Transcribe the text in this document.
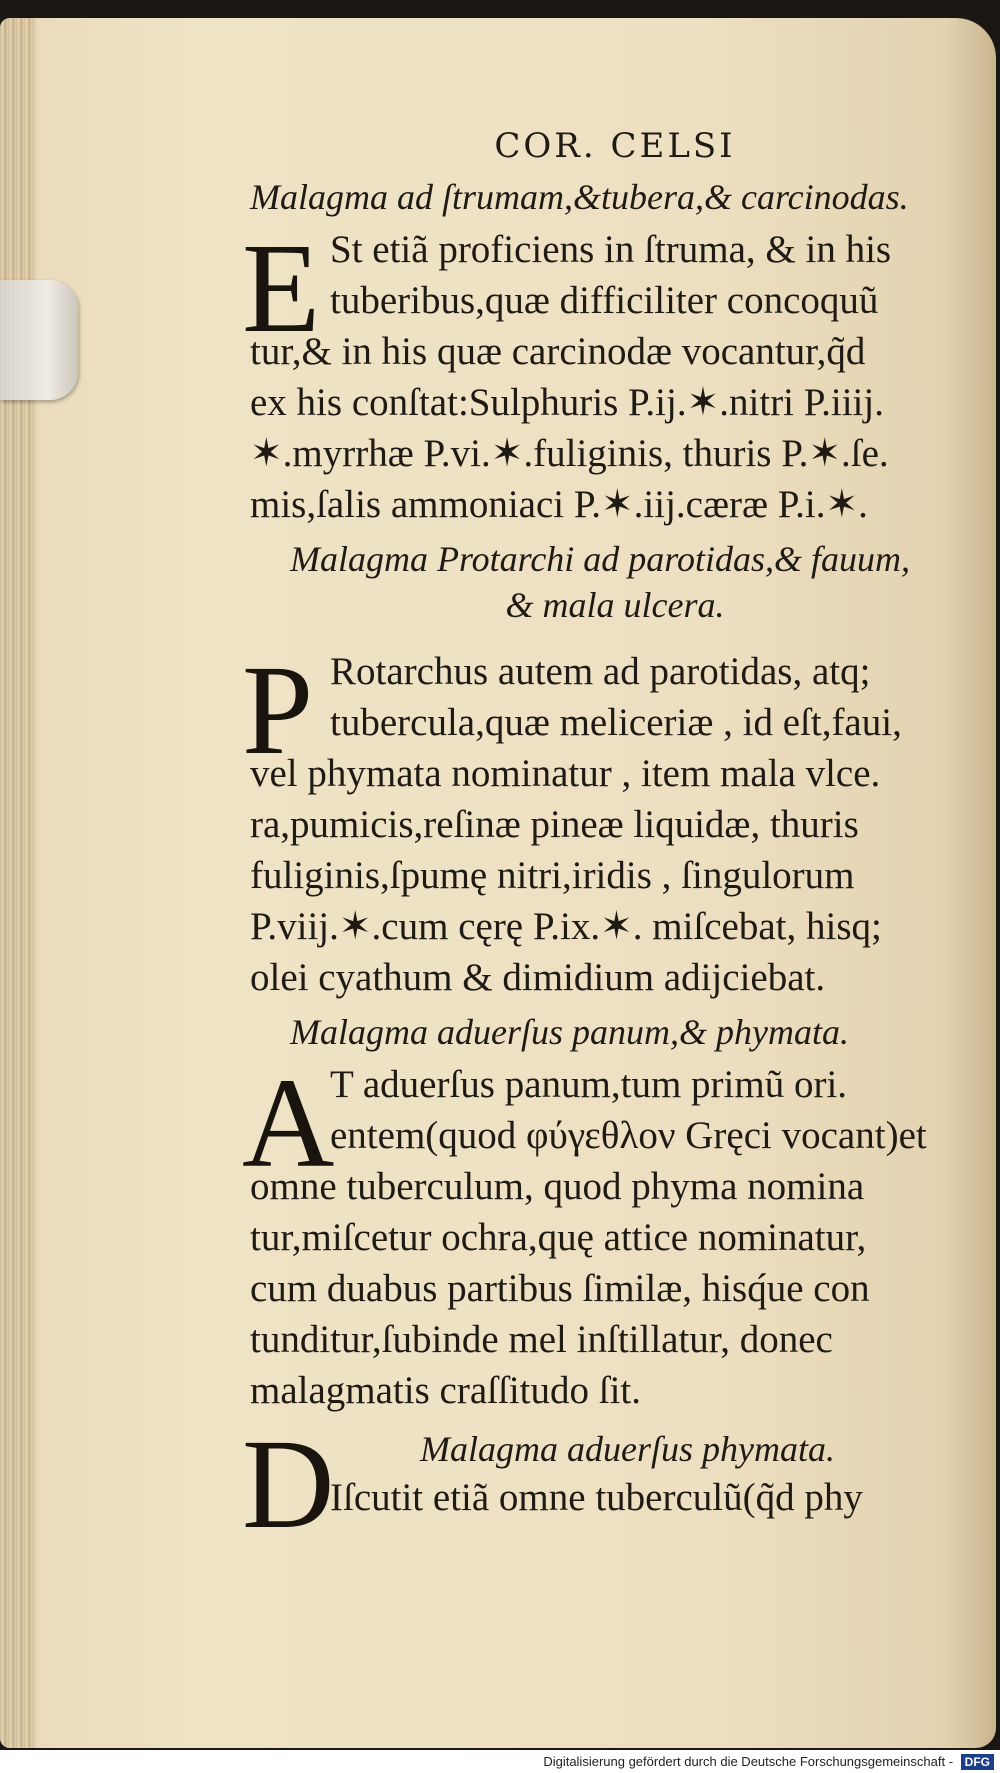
COR. CELSI

Malagma ad ſtrumam,&tubera,& carcinodas.

E St etiã proficiens in ſtruma, & in his

tuberibus,quæ difficiliter concoquũ

tur,& in his quæ carcinodæ vocantur,q̃d

ex his conſtat:Sulphuris P.ij.✶.nitri P.iiij.

✶.myrrhæ P.vi.✶.fuliginis, thuris P.✶.ſe.

mis,ſalis ammoniaci P.✶.iij.cæræ P.i.✶.

Malagma Protarchi ad parotidas,& fauum,

& mala ulcera.

P Rotarchus autem ad parotidas, atq;

tubercula,quæ meliceriæ , id eſt,faui,

vel phymata nominatur , item mala vlce.

ra,pumicis,reſinæ pineæ liquidæ, thuris

fuliginis,ſpumę nitri,iridis , ſingulorum

P.viij.✶.cum cęrę P.ix.✶. miſcebat, hisq;

olei cyathum & dimidium adijciebat.

Malagma aduerſus panum,& phymata.

A

T aduerſus panum,tum primũ ori.

entem(quod φύγεθλον Gręci vocant)et

omne tuberculum, quod phyma nomina

tur,miſcetur ochra,quę attice nominatur,

cum duabus partibus ſimilæ, hisq́ue con

tunditur,ſubinde mel inſtillatur, donec

malagmatis craſſitudo ſit.

D	Malagma aduerſus phymata.

Iſcutit etiã omne tuberculũ(q̃d phy

Digitalisierung gefördert durch die Deutsche Forschungsgemeinschaft - DFG
